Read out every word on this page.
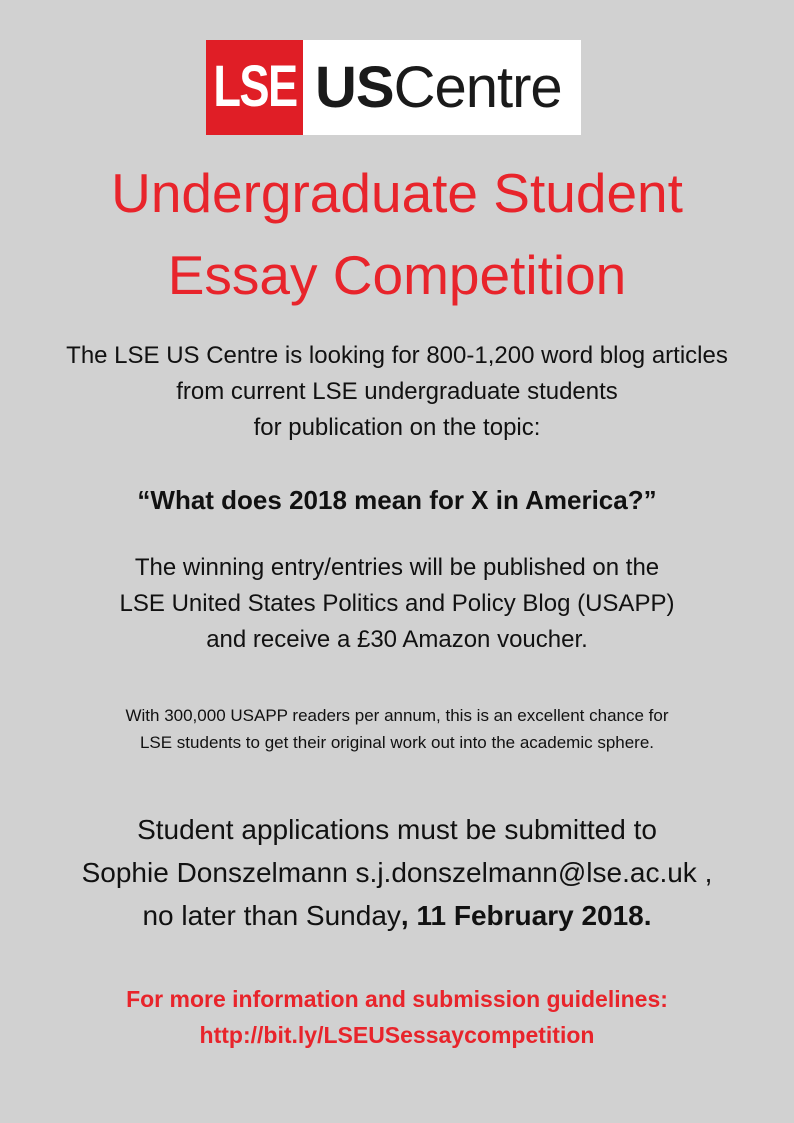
LSE US Centre
Undergraduate Student
Essay Competition
The LSE US Centre is looking for 800-1,200 word blog articles
from current LSE undergraduate students
for publication on the topic:
“What does 2018 mean for X in America?”
The winning entry/entries will be published on the
LSE United States Politics and Policy Blog (USAPP)
and receive a £30 Amazon voucher.
With 300,000 USAPP readers per annum, this is an excellent chance for
LSE students to get their original work out into the academic sphere.
Student applications must be submitted to
Sophie Donszelmann s.j.donszelmann@lse.ac.uk ,
no later than Sunday, 11 February 2018.
For more information and submission guidelines:
http://bit.ly/LSEUSessaycompetition
